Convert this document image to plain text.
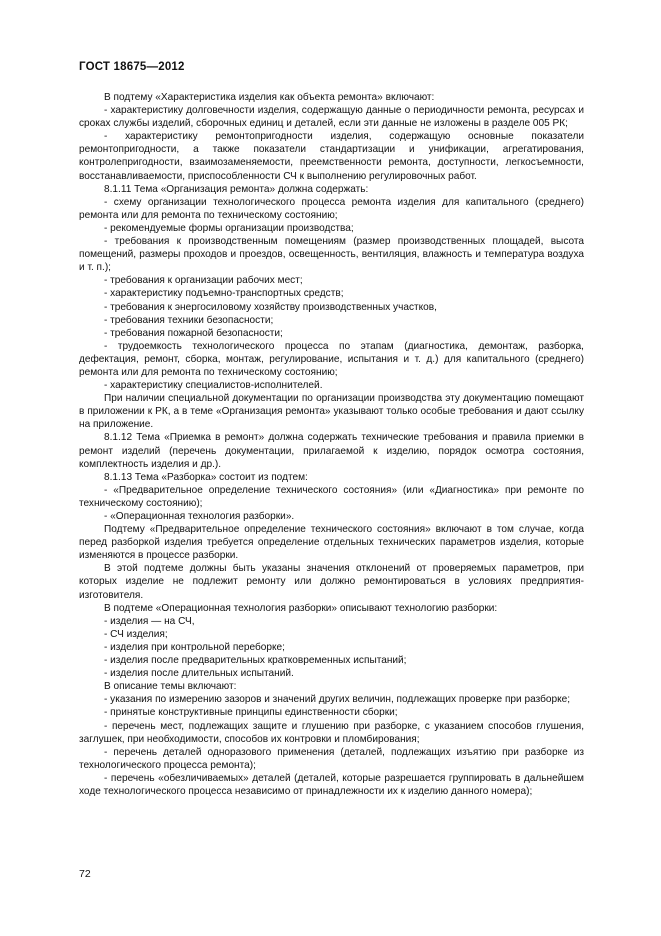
ГОСТ 18675—2012

В подтему «Характеристика изделия как объекта ремонта» включают:

- характеристику долговечности изделия, содержащую данные о периодичности ремонта, ресурсах и сроках службы изделий, сборочных единиц и деталей, если эти данные не изложены в разделе 005 РК;

- характеристику ремонтопригодности изделия, содержащую основные показатели ремонтопригодности, а также показатели стандартизации и унификации, агрегатирования, контролепригодности, взаимозаменяемости, преемственности ремонта, доступности, легкосъемности, восстанавливаемости, приспособленности СЧ к выполнению регулировочных работ.

8.1.11 Тема «Организация ремонта» должна содержать:

- схему организации технологического процесса ремонта изделия для капитального (среднего) ремонта или для ремонта по техническому состоянию;

- рекомендуемые формы организации производства;

- требования к производственным помещениям (размер производственных площадей, высота помещений, размеры проходов и проездов, освещенность, вентиляция, влажность и температура воздуха и т. п.);

- требования к организации рабочих мест;

- характеристику подъемно-транспортных средств;

- требования к энергосиловому хозяйству производственных участков,

- требования техники безопасности;

- требования пожарной безопасности;

- трудоемкость технологического процесса по этапам (диагностика, демонтаж, разборка, дефектация, ремонт, сборка, монтаж, регулирование, испытания и т. д.) для капитального (среднего) ремонта или для ремонта по техническому состоянию;

- характеристику специалистов-исполнителей.

При наличии специальной документации по организации производства эту документацию помещают в приложении к РК, а в теме «Организация ремонта» указывают только особые требования и дают ссылку на приложение.

8.1.12 Тема «Приемка в ремонт» должна содержать технические требования и правила приемки в ремонт изделий (перечень документации, прилагаемой к изделию, порядок осмотра состояния, комплектность изделия и др.).

8.1.13 Тема «Разборка» состоит из подтем:

- «Предварительное определение технического состояния» (или «Диагностика» при ремонте по техническому состоянию);

- «Операционная технология разборки».

Подтему «Предварительное определение технического состояния» включают в том случае, когда перед разборкой изделия требуется определение отдельных технических параметров изделия, которые изменяются в процессе разборки.

В этой подтеме должны быть указаны значения отклонений от проверяемых параметров, при которых изделие не подлежит ремонту или должно ремонтироваться в условиях предприятия-изготовителя.

В подтеме «Операционная технология разборки» описывают технологию разборки:

- изделия — на СЧ,

- СЧ изделия;

- изделия при контрольной переборке;

- изделия после предварительных кратковременных испытаний;

- изделия после длительных испытаний.

В описание темы включают:

- указания по измерению зазоров и значений других величин, подлежащих проверке при разборке;

- принятые конструктивные принципы единственности сборки;

- перечень мест, подлежащих защите и глушению при разборке, с указанием способов глушения, заглушек, при необходимости, способов их контровки и пломбирования;

- перечень деталей одноразового применения (деталей, подлежащих изъятию при разборке из технологического процесса ремонта);

- перечень «обезличиваемых» деталей (деталей, которые разрешается группировать в дальнейшем ходе технологического процесса независимо от принадлежности их к изделию данного номера);

72
